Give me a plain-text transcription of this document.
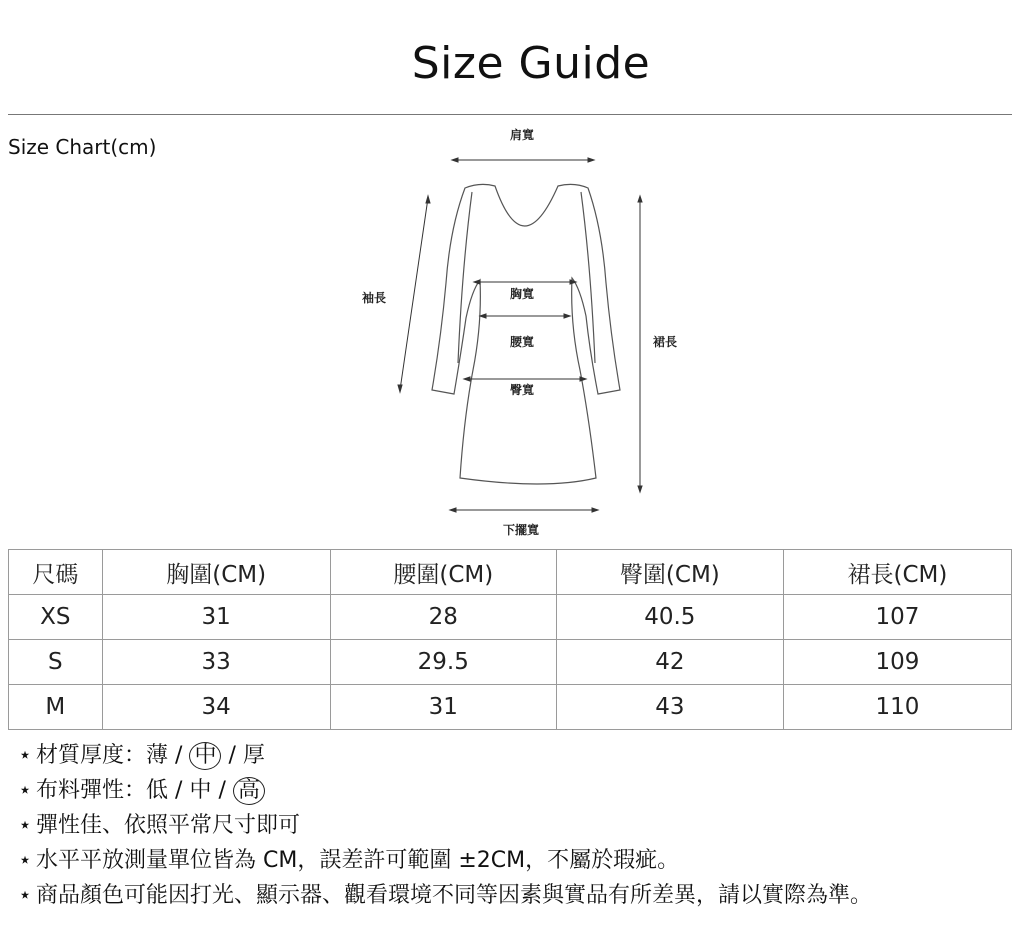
Size Guide
Size Chart(cm)	肩寬
袖長	胸寬
腰寬
臀寬
裙長
下擺寬
尺碼	胸圍(CM)	腰圍(CM)	臀圍(CM)	裙長(CM)
XS	31	28	40.5	107
S	33	29.5	42	109
M	34	31	43	110
⋆ 材質厚度：薄 / 中 / 厚
⋆ 布料彈性：低 / 中 / 高
⋆ 彈性佳、依照平常尺寸即可
⋆ 水平平放測量單位皆為 CM，誤差許可範圍 ±2CM，不屬於瑕疵。
⋆ 商品顏色可能因打光、顯示器、觀看環境不同等因素與實品有所差異，請以實際為準。
